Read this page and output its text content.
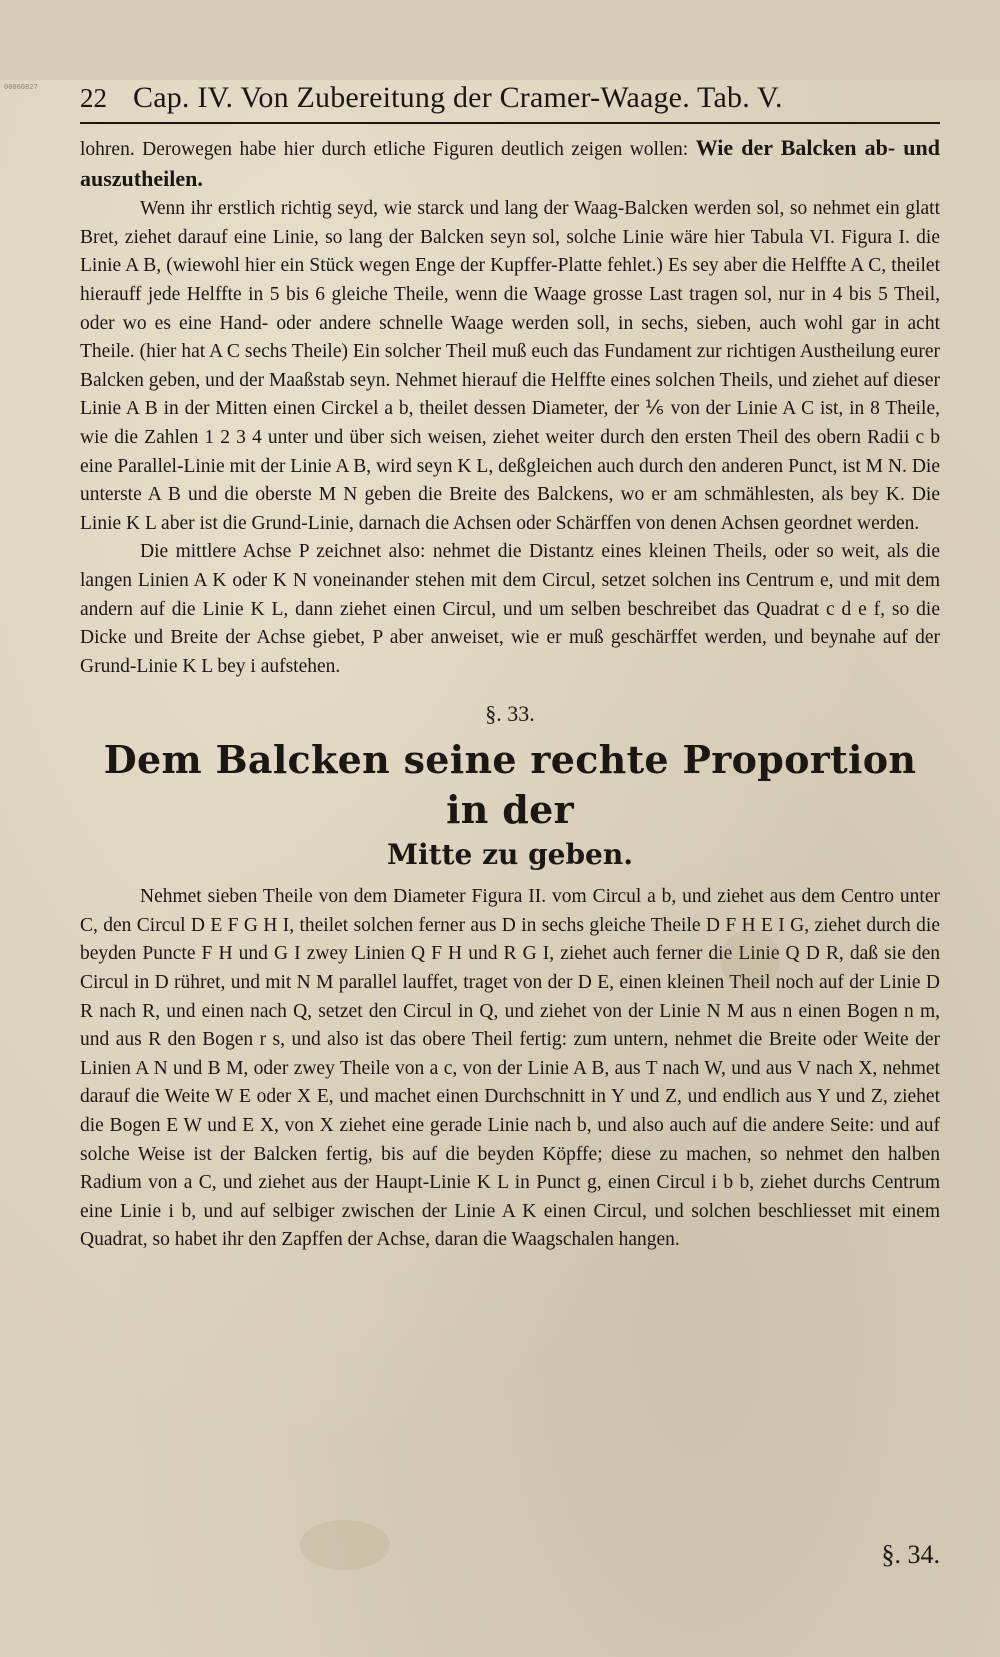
00060827 22 Cap. IV. Von Zubereitung der Cramer-Waage. Tab. V.

lohren. Derowegen habe hier durch etliche Figuren deutlich zeigen wollen: Wie der Balcken ab- und auszutheilen.

Wenn ihr erstlich richtig seyd, wie starck und lang der Waag-Balcken werden sol, so nehmet ein glatt Bret, ziehet darauf eine Linie, so lang der Balcken seyn sol, solche Linie wäre hier Tabula VI. Figura I. die Linie A B, (wiewohl hier ein Stück wegen Enge der Kupffer-Platte fehlet.) Es sey aber die Helffte A C, theilet hierauff jede Helffte in 5 bis 6 gleiche Theile, wenn die Waage grosse Last tragen sol, nur in 4 bis 5 Theil, oder wo es eine Hand- oder andere schnelle Waage werden soll, in sechs, sieben, auch wohl gar in acht Theile. (hier hat A C sechs Theile) Ein solcher Theil muß euch das Fundament zur richtigen Austheilung eurer Balcken geben, und der Maaßstab seyn. Nehmet hierauf die Helffte eines solchen Theils, und ziehet auf dieser Linie A B in der Mitten einen Circkel a b, theilet dessen Diameter, der ⅙ von der Linie A C ist, in 8 Theile, wie die Zahlen 1 2 3 4 unter und über sich weisen, ziehet weiter durch den ersten Theil des obern Radii c b eine Parallel-Linie mit der Linie A B, wird seyn K L, deßgleichen auch durch den anderen Punct, ist M N. Die unterste A B und die oberste M N geben die Breite des Balckens, wo er am schmählesten, als bey K. Die Linie K L aber ist die Grund-Linie, darnach die Achsen oder Schärffen von denen Achsen geordnet werden.

Die mittlere Achse P zeichnet also: nehmet die Distantz eines kleinen Theils, oder so weit, als die langen Linien A K oder K N voneinander stehen mit dem Circul, setzet solchen ins Centrum e, und mit dem andern auf die Linie K L, dann ziehet einen Circul, und um selben beschreibet das Quadrat c d e f, so die Dicke und Breite der Achse giebet, P aber anweiset, wie er muß geschärffet werden, und beynahe auf der Grund-Linie K L bey i aufstehen.

§. 33.
Dem Balcken seine rechte Proportion in der
Mitte zu geben.

Nehmet sieben Theile von dem Diameter Figura II. vom Circul a b, und ziehet aus dem Centro unter C, den Circul D E F G H I, theilet solchen ferner aus D in sechs gleiche Theile D F H E I G, ziehet durch die beyden Puncte F H und G I zwey Linien Q F H und R G I, ziehet auch ferner die Linie Q D R, daß sie den Circul in D rühret, und mit N M parallel lauffet, traget von der D E, einen kleinen Theil noch auf der Linie D R nach R, und einen nach Q, setzet den Circul in Q, und ziehet von der Linie N M aus n einen Bogen n m, und aus R den Bogen r s, und also ist das obere Theil fertig: zum untern, nehmet die Breite oder Weite der Linien A N und B M, oder zwey Theile von a c, von der Linie A B, aus T nach W, und aus V nach X, nehmet darauf die Weite W E oder X E, und machet einen Durchschnitt in Y und Z, und endlich aus Y und Z, ziehet die Bogen E W und E X, von X ziehet eine gerade Linie nach b, und also auch auf die andere Seite: und auf solche Weise ist der Balcken fertig, bis auf die beyden Köpffe; diese zu machen, so nehmet den halben Radium von a C, und ziehet aus der Haupt-Linie K L in Punct g, einen Circul i b b, ziehet durchs Centrum eine Linie i b, und auf selbiger zwischen der Linie A K einen Circul, und solchen beschliesset mit einem Quadrat, so habet ihr den Zapffen der Achse, daran die Waagschalen hangen.

§. 34.
